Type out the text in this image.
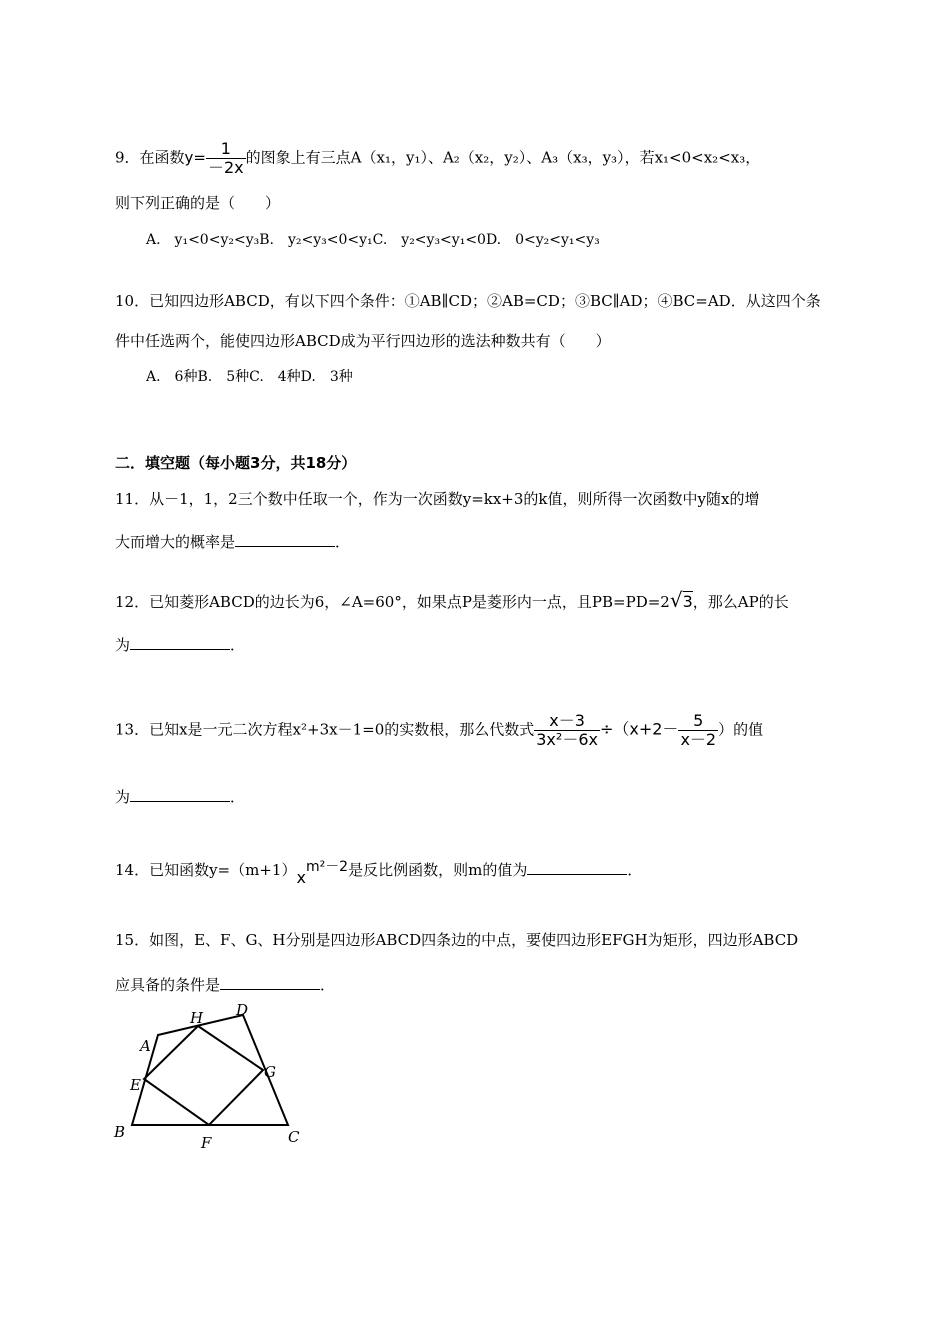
9．在函数$y= \frac{1}{-2x}$ 的图象上有三点A（x₁，y₁）、A₂（x₂，y₂）、A₃（x₃，y₃），若x₁<0<x₂<x₃，
则下列正确的是（　　）
A.　y₁<0<y₂<y₃B.　y₂<y₃<0<y₁C.　y₂<y₃<y₁<0D.　0<y₂<y₁<y₃
10．已知四边形ABCD，有以下四个条件：①AB∥CD；②AB=CD；③BC∥AD；④BC=AD．从这四个条
件中任选两个，能使四边形ABCD成为平行四边形的选法种数共有（　　）
A.　6种B.　5种C.　4种D.　3种
二．填空题（每小题3分，共18分）
11．从－1，1，2三个数中任取一个，作为一次函数y=kx+3的k值，则所得一次函数中y随x的增
大而增大的概率是	．
12．已知菱形ABCD的边长为6，∠A=60°，如果点P是菱形内一点，且PB=PD=2√3，那么AP的长
为	．
13．已知x是一元二次方程x²+3x－1=0的实数根，那么代数式 $\frac{x-3}{\text{3x²－6x}} \div(x+2- \frac{5}{x-2}$ ）的值
为	．
14．已知函数y=（m+1）xm²－2是反比例函数，则m的值为	．
15．如图，E、F、G、H分别是四边形ABCD四条边的中点，要使四边形EFGH为矩形，四边形ABCD
应具备的条件是	．
A
B	C
D
E
F
G
H
